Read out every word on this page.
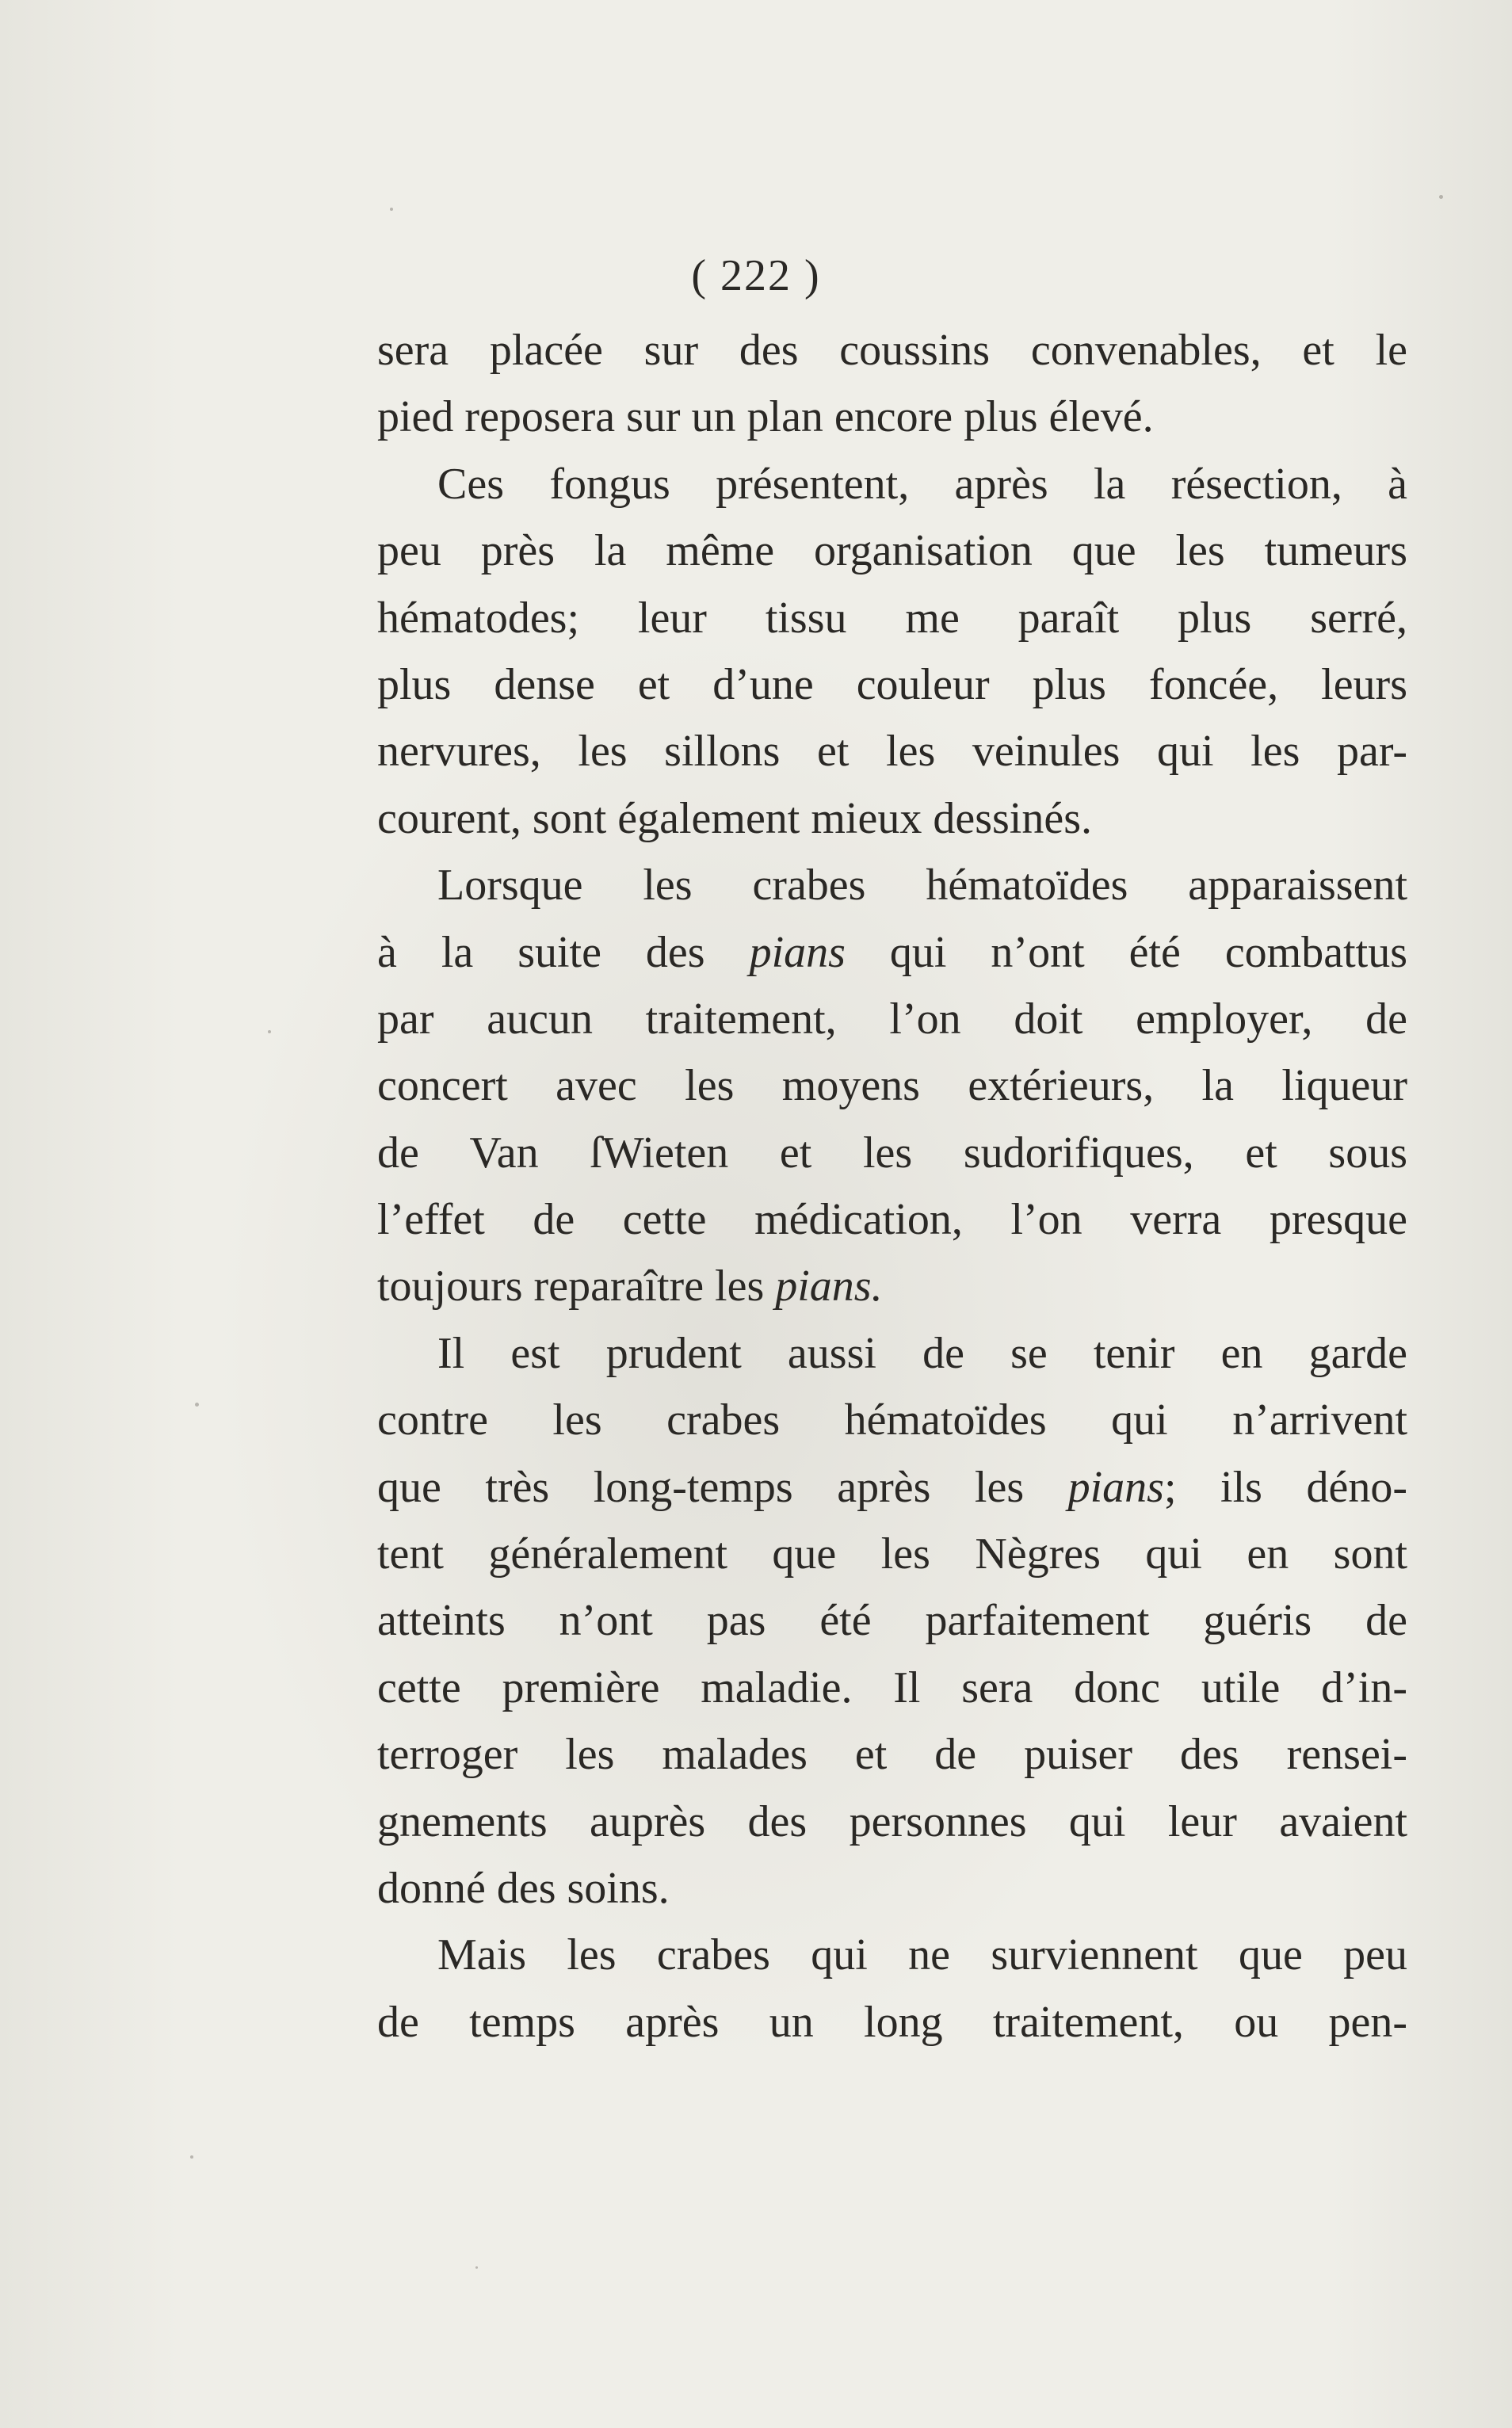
( 222 )
sera placée sur des coussins convenables, et le
pied reposera sur un plan encore plus élevé.
Ces fongus présentent, après la résection, à
peu près la même organisation que les tumeurs
hématodes; leur tissu me paraît plus serré,
plus dense et d’une couleur plus foncée, leurs
nervures, les sillons et les veinules qui les par-
courent, sont également mieux dessinés.
Lorsque les crabes hématoïdes apparaissent
à la suite des pians qui n’ont été combattus
par aucun traitement, l’on doit employer, de
concert avec les moyens extérieurs, la liqueur
de Van ſWieten et les sudorifiques, et sous
l’effet de cette médication, l’on verra presque
toujours reparaître les pians.
Il est prudent aussi de se tenir en garde
contre les crabes hématoïdes qui n’arrivent
que très long-temps après les pians; ils déno-
tent généralement que les Nègres qui en sont
atteints n’ont pas été parfaitement guéris de
cette première maladie. Il sera donc utile d’in-
terroger les malades et de puiser des rensei-
gnements auprès des personnes qui leur avaient
donné des soins.
Mais les crabes qui ne surviennent que peu
de temps après un long traitement, ou pen-
